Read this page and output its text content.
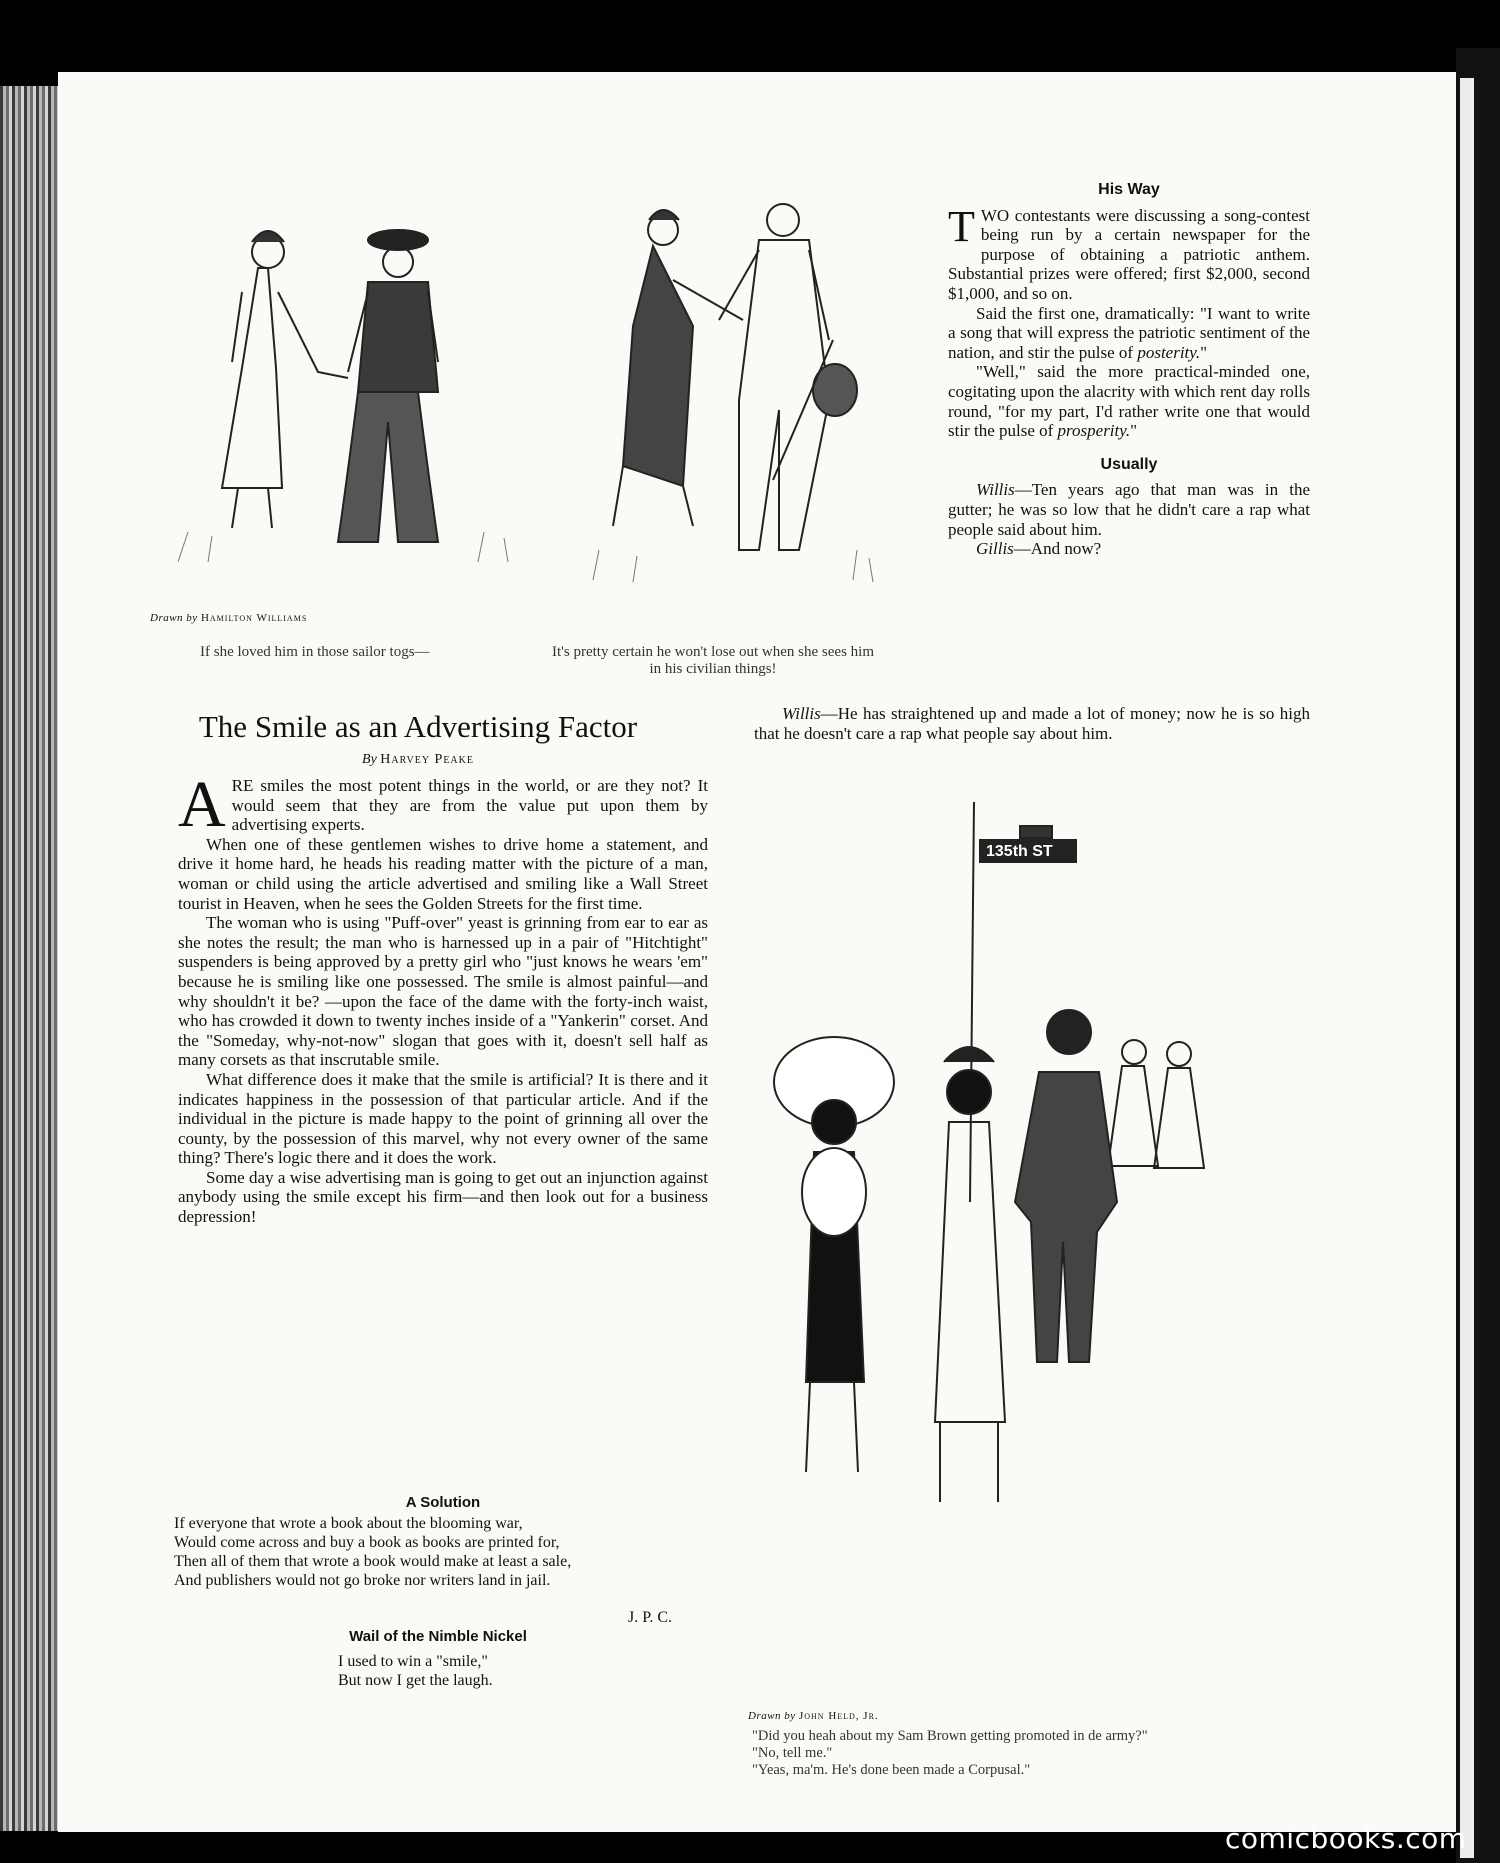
Drawn by Hamilton Williams
If she loved him in those sailor togs—	It's pretty certain he won't lose out when she sees him in his civilian things!
His Way

TWO contestants were discussing a song-contest being run by a certain newspaper for the purpose of obtaining a patriotic anthem. Substantial prizes were offered; first $2,000, second $1,000, and so on.

Said the first one, dramatically: "I want to write a song that will express the patriotic sentiment of the nation, and stir the pulse of posterity."

"Well," said the more practical-minded one, cogitating upon the alacrity with which rent day rolls round, "for my part, I'd rather write one that would stir the pulse of prosperity."

Usually

Willis—Ten years ago that man was in the gutter; he was so low that he didn't care a rap what people said about him.

Gillis—And now?

Willis—He has straightened up and made a lot of money; now he is so high that he doesn't care a rap what people say about him.

The Smile as an Advertising Factor
By Harvey Peake

ARE smiles the most potent things in the world, or are they not? It would seem that they are from the value put upon them by advertising experts.

When one of these gentlemen wishes to drive home a statement, and drive it home hard, he heads his reading matter with the picture of a man, woman or child using the article advertised and smiling like a Wall Street tourist in Heaven, when he sees the Golden Streets for the first time.

The woman who is using "Puff-over" yeast is grinning from ear to ear as she notes the result; the man who is harnessed up in a pair of "Hitchtight" suspenders is being approved by a pretty girl who "just knows he wears 'em" because he is smiling like one possessed. The smile is almost painful—and why shouldn't it be? —upon the face of the dame with the forty-inch waist, who has crowded it down to twenty inches inside of a "Yankerin" corset. And the "Someday, why-not-now" slogan that goes with it, doesn't sell half as many corsets as that inscrutable smile.

What difference does it make that the smile is artificial? It is there and it indicates happiness in the possession of that particular article. And if the individual in the picture is made happy to the point of grinning all over the county, by the possession of this marvel, why not every owner of the same thing? There's logic there and it does the work.

Some day a wise advertising man is going to get out an injunction against anybody using the smile except his firm—and then look out for a business depression!

A Solution
If everyone that wrote a book about the blooming war,
Would come across and buy a book as books are printed for,
Then all of them that wrote a book would make at least a sale,
And publishers would not go broke nor writers land in jail.
J. P. C.
Wail of the Nimble Nickel
I used to win a "smile,"
But now I get the laugh.
135th ST
Drawn by John Held, Jr.
"Did you heah about my Sam Brown getting promoted in de army?"
"No, tell me."
"Yeas, ma'm. He's done been made a Corpusal."
comicbooks.com
